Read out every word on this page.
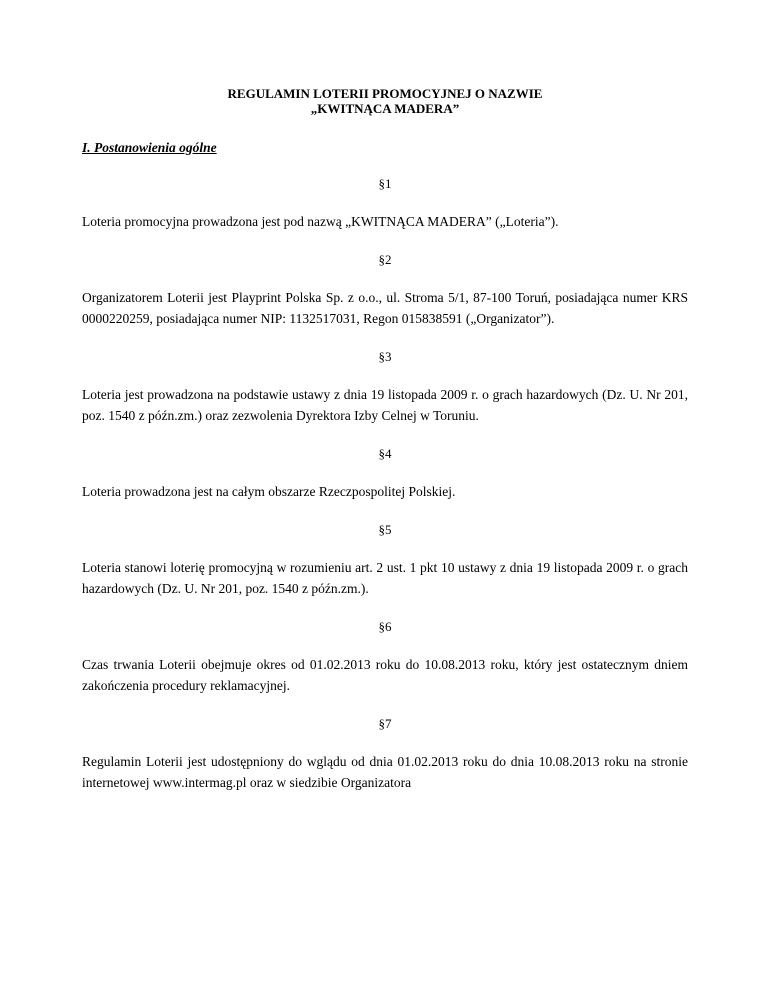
REGULAMIN LOTERII PROMOCYJNEJ O NAZWIE
„KWITNĄCA MADERA”

I. Postanowienia ogólne
§1
Loteria promocyjna prowadzona jest pod nazwą „KWITNĄCA MADERA” („Loteria”).
§2
Organizatorem Loterii jest Playprint Polska Sp. z o.o., ul. Stroma 5/1, 87-100 Toruń, posiadająca numer KRS 0000220259, posiadająca numer NIP: 1132517031, Regon 015838591 („Organizator”).
§3
Loteria jest prowadzona na podstawie ustawy z dnia 19 listopada 2009 r. o grach hazardowych (Dz. U. Nr 201, poz. 1540 z późn.zm.) oraz zezwolenia Dyrektora Izby Celnej w Toruniu.
§4
Loteria prowadzona jest na całym obszarze Rzeczpospolitej Polskiej.
§5
Loteria stanowi loterię promocyjną w rozumieniu art. 2 ust. 1 pkt 10 ustawy z dnia 19 listopada 2009 r. o grach hazardowych (Dz. U. Nr 201, poz. 1540 z późn.zm.).
§6
Czas trwania Loterii obejmuje okres od 01.02.2013 roku do 10.08.2013 roku, który jest ostatecznym dniem zakończenia procedury reklamacyjnej.
§7
Regulamin Loterii jest udostępniony do wglądu od dnia 01.02.2013 roku do dnia 10.08.2013 roku na stronie internetowej www.intermag.pl oraz w siedzibie Organizatora
